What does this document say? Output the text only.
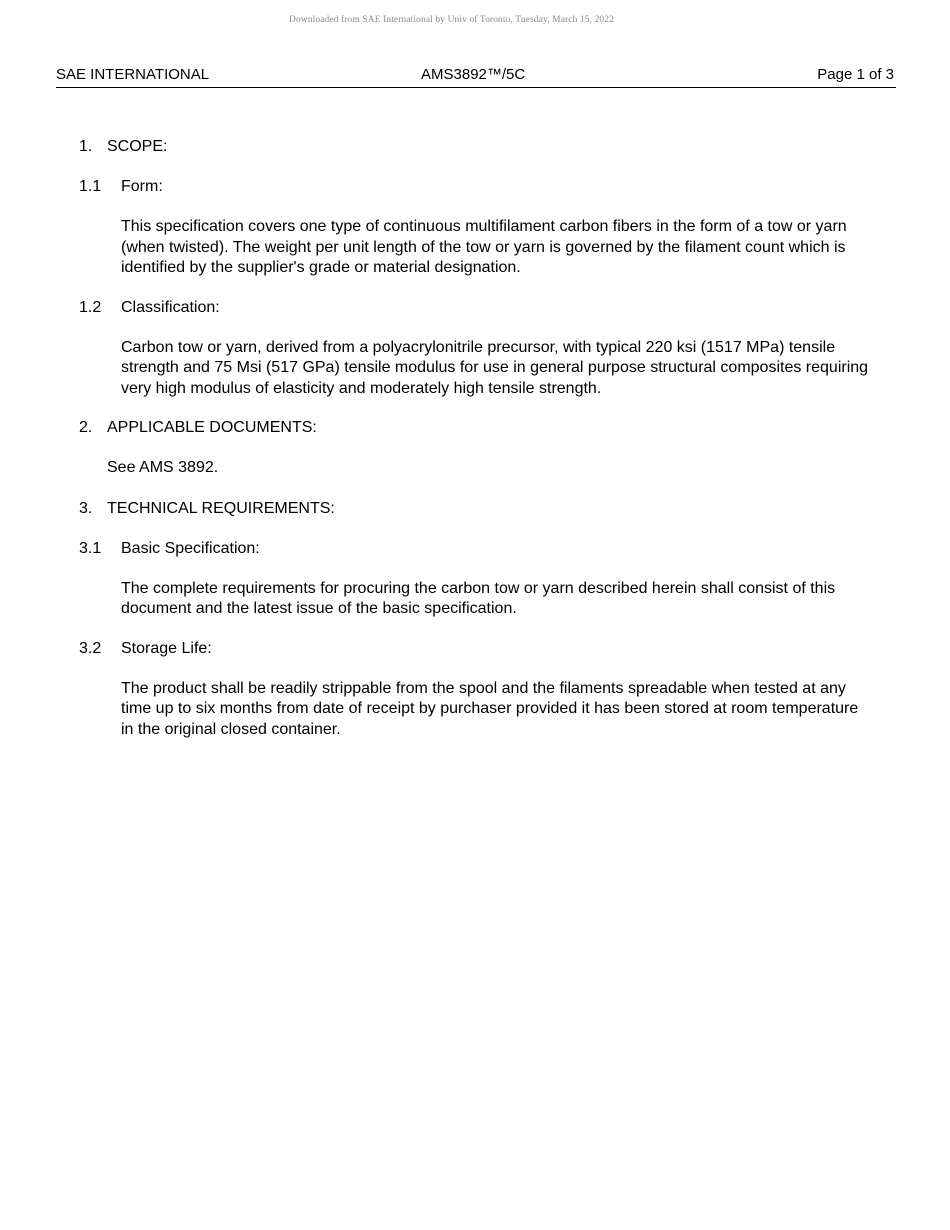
Downloaded from SAE International by Univ of Toronto, Tuesday, March 15, 2022
SAE INTERNATIONAL	AMS3892™/5C	Page 1 of 3
1. SCOPE:
1.1 Form:
This specification covers one type of continuous multifilament carbon fibers in the form of a tow or yarn (when twisted). The weight per unit length of the tow or yarn is governed by the filament count which is identified by the supplier's grade or material designation.
1.2 Classification:
Carbon tow or yarn, derived from a polyacrylonitrile precursor, with typical 220 ksi (1517 MPa) tensile strength and 75 Msi (517 GPa) tensile modulus for use in general purpose structural composites requiring very high modulus of elasticity and moderately high tensile strength.
2. APPLICABLE DOCUMENTS:
See AMS 3892.
3. TECHNICAL REQUIREMENTS:
3.1 Basic Specification:
The complete requirements for procuring the carbon tow or yarn described herein shall consist of this document and the latest issue of the basic specification.
3.2 Storage Life:
The product shall be readily strippable from the spool and the filaments spreadable when tested at any time up to six months from date of receipt by purchaser provided it has been stored at room temperature in the original closed container.
